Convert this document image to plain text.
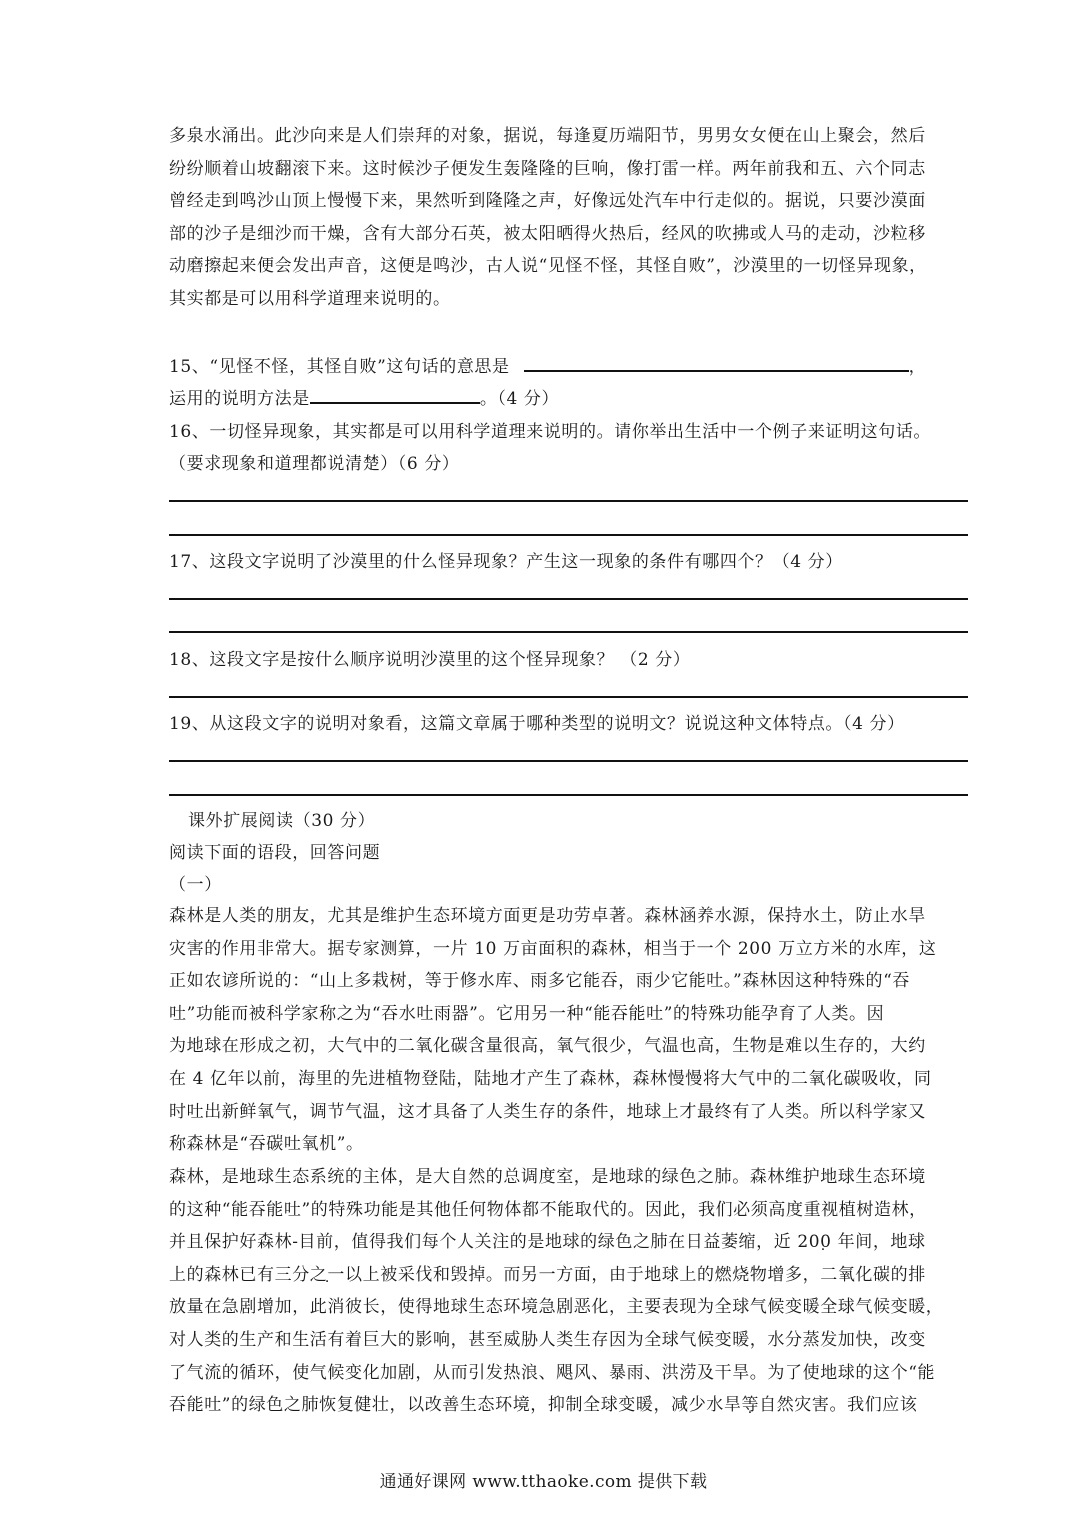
多泉水涌出。此沙向来是人们崇拜的对象，据说，每逢夏历端阳节，男男女女便在山上聚会，然后

纷纷顺着山坡翻滚下来。这时候沙子便发生轰隆隆的巨响，像打雷一样。两年前我和五、六个同志

曾经走到鸣沙山顶上慢慢下来，果然听到隆隆之声，好像远处汽车中行走似的。据说，只要沙漠面

部的沙子是细沙而干燥，含有大部分石英，被太阳晒得火热后，经风的吹拂或人马的走动，沙粒移

动磨擦起来便会发出声音，这便是鸣沙，古人说“见怪不怪，其怪自败”，沙漠里的一切怪异现象，

其实都是可以用科学道理来说明的。

15、“见怪不怪，其怪自败”这句话的意思是	，
运用的说明方法是	。（4 分）
16、一切怪异现象，其实都是可以用科学道理来说明的。请你举出生活中一个例子来证明这句话。
（要求现象和道理都说清楚）（6 分）
17、这段文字说明了沙漠里的什么怪异现象？产生这一现象的条件有哪四个？（4 分）
18、这段文字是按什么顺序说明沙漠里的这个怪异现象？ （2 分）
19、从这段文字的说明对象看，这篇文章属于哪种类型的说明文？说说这种文体特点。（4 分）
课外扩展阅读（30 分）
阅读下面的语段，回答问题
（一）

森林是人类的朋友，尤其是维护生态环境方面更是功劳卓著。森林涵养水源，保持水土，防止水旱

灾害的作用非常大。据专家测算，一片 10 万亩面积的森林，相当于一个 200 万立方米的水库，这

正如农谚所说的：“山上多栽树，等于修水库、雨多它能吞，雨少它能吐。”森林因这种特殊的“吞

吐”功能而被科学家称之为“吞水吐雨器”。它用另一种“能吞能吐”的特殊功能孕育了人类。因

为地球在形成之初，大气中的二氧化碳含量很高，氧气很少，气温也高，生物是难以生存的，大约

在 4 亿年以前，海里的先进植物登陆，陆地才产生了森林，森林慢慢将大气中的二氧化碳吸收，同

时吐出新鲜氧气，调节气温，这才具备了人类生存的条件，地球上才最终有了人类。所以科学家又

称森林是“吞碳吐氧机”。

森林，是地球生态系统的主体，是大自然的总调度室，是地球的绿色之肺。森林维护地球生态环境

的这种“能吞能吐”的特殊功能是其他任何物体都不能取代的。因此，我们必须高度重视植树造林，

并且保护好森林-目前，值得我们每个人关注的是地球的绿色之肺在日益萎缩，近 200 年间 .，地球

上的森林已有三分之一以上 .被采伐和毁掉。而另一方面，由于地球上的燃烧物增多，二氧化碳的排

放量在急剧增加，此消彼长，使得地球生态环境急剧恶化，主要表现为全球气候变暖全球气候变暖，

对人类的生产和生活有着巨大的影响，甚至威胁人类生存因为全球气候变暖，水分蒸发加快，改变

了气流的循环，使气候变化加剧，从而引发热浪、飓风、暴雨、洪涝及干旱。为了使地球的这个“能

吞能吐”的绿色之肺恢复健壮，以改善生态环境，抑制全球变暖，减少水旱等自然灾害 .。我们应该

通通好课网 www.tthaoke.com 提供下载
